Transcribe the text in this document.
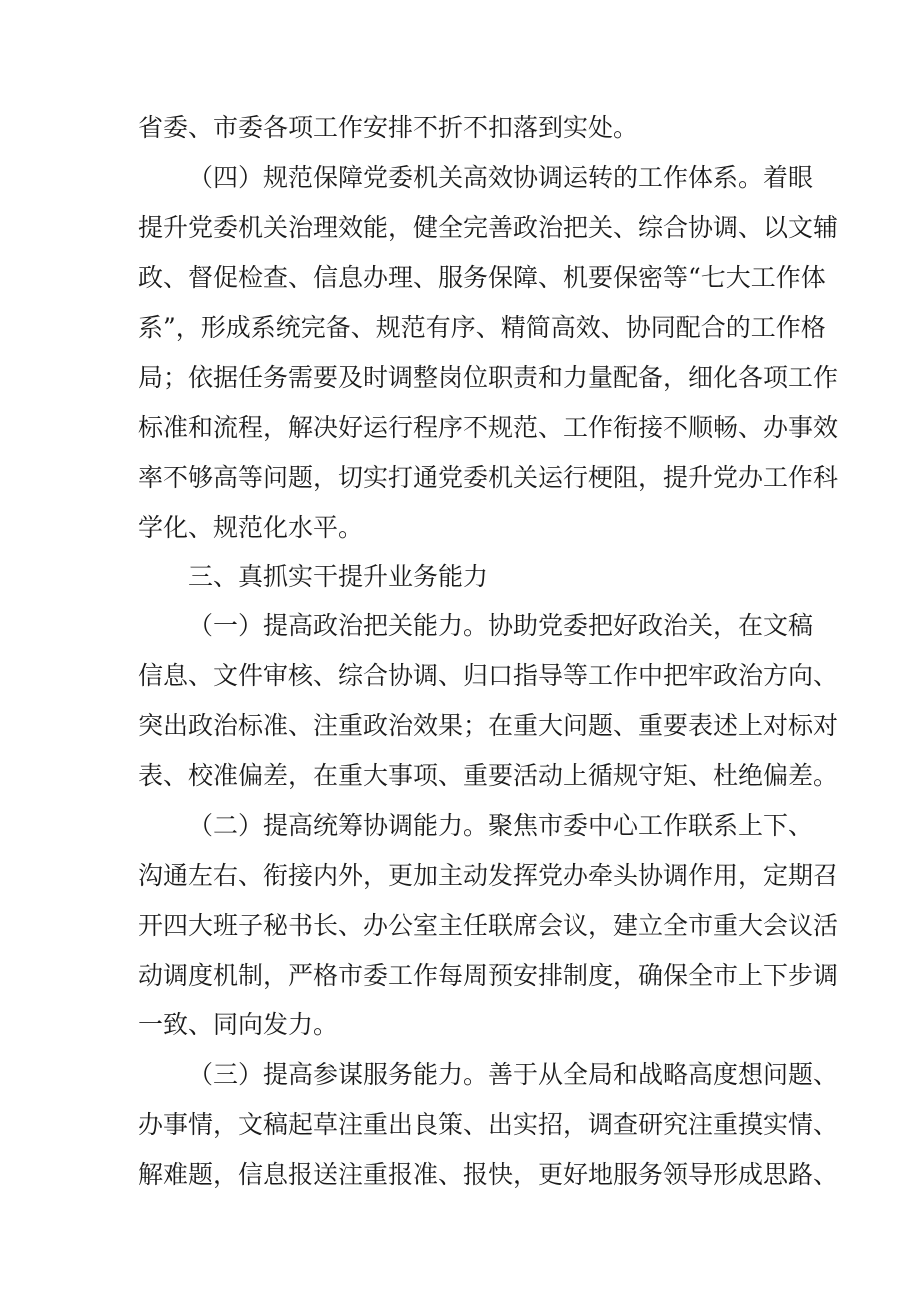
省委、市委各项工作安排不折不扣落到实处。
（四）规范保障党委机关高效协调运转的工作体系。着眼
提升党委机关治理效能，健全完善政治把关、综合协调、以文辅
政、督促检查、信息办理、服务保障、机要保密等“七大工作体
系”，形成系统完备、规范有序、精简高效、协同配合的工作格
局；依据任务需要及时调整岗位职责和力量配备，细化各项工作
标准和流程，解决好运行程序不规范、工作衔接不顺畅、办事效
率不够高等问题，切实打通党委机关运行梗阻，提升党办工作科
学化、规范化水平。
三、真抓实干提升业务能力
（一）提高政治把关能力。协助党委把好政治关，在文稿
信息、文件审核、综合协调、归口指导等工作中把牢政治方向、
突出政治标准、注重政治效果；在重大问题、重要表述上对标对
表、校准偏差，在重大事项、重要活动上循规守矩、杜绝偏差。
（二）提高统筹协调能力。聚焦市委中心工作联系上下、
沟通左右、衔接内外，更加主动发挥党办牵头协调作用，定期召
开四大班子秘书长、办公室主任联席会议，建立全市重大会议活
动调度机制，严格市委工作每周预安排制度，确保全市上下步调
一致、同向发力。
（三）提高参谋服务能力。善于从全局和战略高度想问题、
办事情，文稿起草注重出良策、出实招，调查研究注重摸实情、
解难题，信息报送注重报准、报快，更好地服务领导形成思路、
